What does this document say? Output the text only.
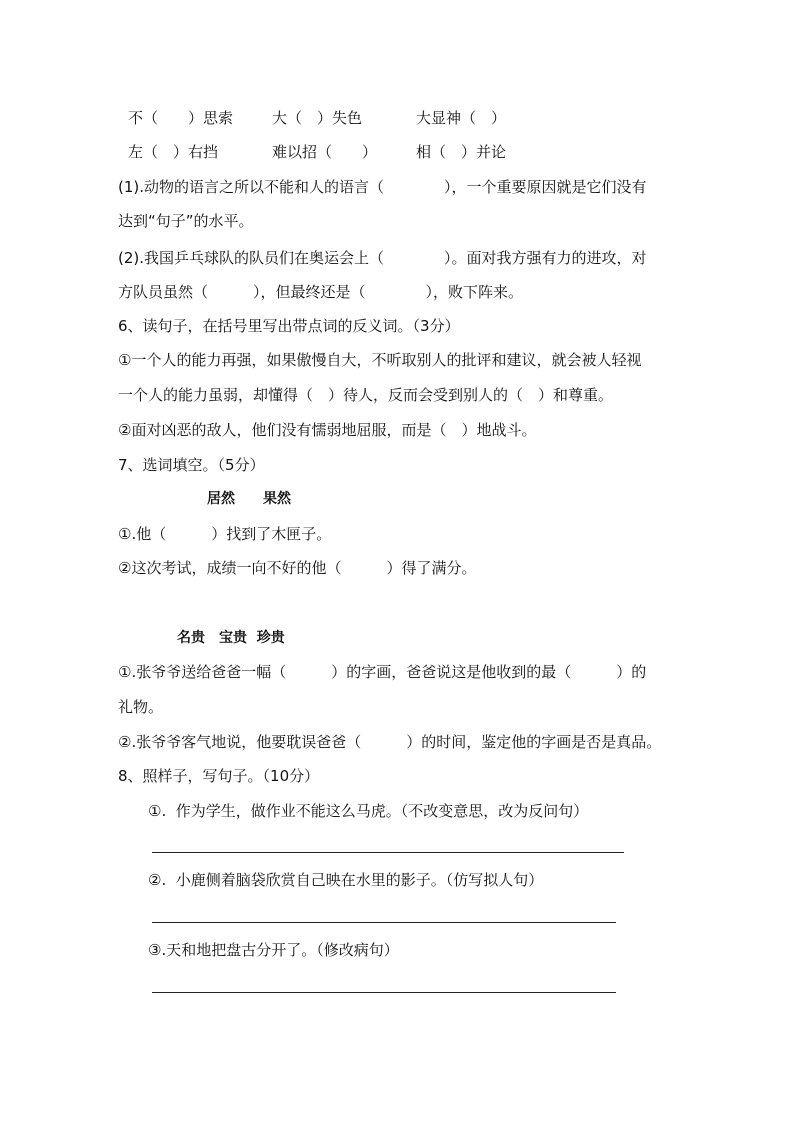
不（　　）思索	大（　）失色	大显神（　）
左（　）右挡	难以招（　　）	相（　）并论
(1).动物的语言之所以不能和人的语言（　　　　），一个重要原因就是它们没有
达到“句子”的水平。
(2).我国乒乓球队的队员们在奥运会上（　　　　）。面对我方强有力的进攻，对
方队员虽然（　　　），但最终还是（　　　　），败下阵来。
6、读句子，在括号里写出带点词的反义词。（3分）
①一个人的能力再强，如果傲慢自大，不听取别人的批评和建议，就会被人轻视
一个人的能力虽弱，却懂得（　）待人，反而会受到别人的（　）和尊重。
②面对凶恶的敌人，他们没有懦弱地屈服，而是（　）地战斗。
7、选词填空。（5分）
居然　　果然
①.他（　　　）找到了木匣子。
②这次考试，成绩一向不好的他（　　　）得了满分。
名贵　宝贵  珍贵
①.张爷爷送给爸爸一幅（　　　）的字画，爸爸说这是他收到的最（　　　）的
礼物。
②.张爷爷客气地说，他要耽误爸爸（　　　）的时间，鉴定他的字画是否是真品。
8、照样子，写句子。（10分）
①.  作为学生，做作业不能这么马虎。（不改变意思，改为反问句）
②.  小鹿侧着脑袋欣赏自己映在水里的影子。（仿写拟人句）
③.天和地把盘古分开了。（修改病句）
